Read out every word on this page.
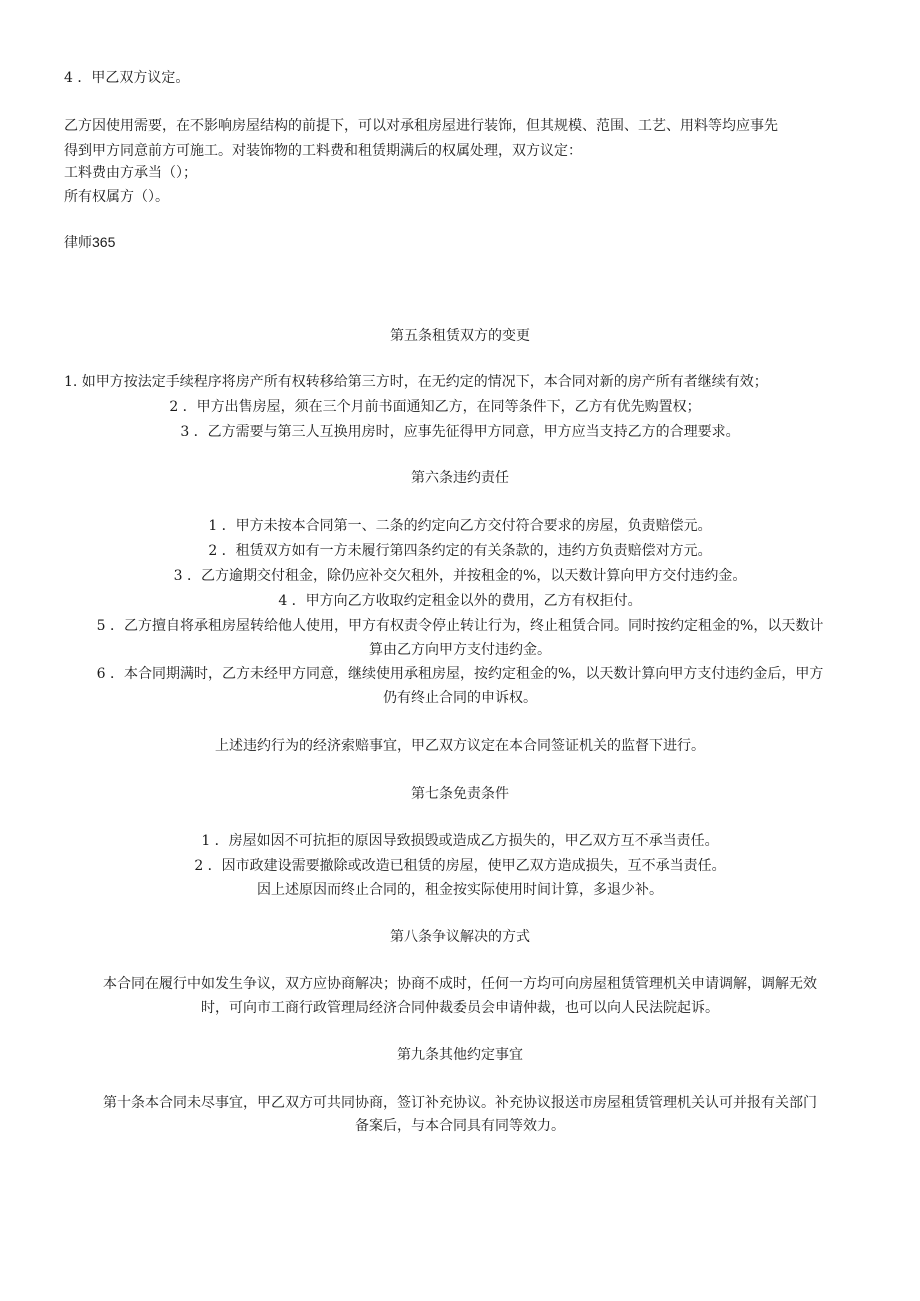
4 ．甲乙双方议定。
乙方因使用需要，在不影响房屋结构的前提下，可以对承租房屋进行装饰，但其规模、范围、工艺、用料等均应事先
得到甲方同意前方可施工。对装饰物的工料费和租赁期满后的权属处理，双方议定：
工料费由方承当（）；
所有权属方（）。
律师365
第五条租赁双方的变更
1. 如甲方按法定手续程序将房产所有权转移给第三方时，在无约定的情况下，本合同对新的房产所有者继续有效；
2 ．甲方出售房屋，须在三个月前书面通知乙方，在同等条件下，乙方有优先购置权；
3 ．乙方需要与第三人互换用房时，应事先征得甲方同意，甲方应当支持乙方的合理要求。
第六条违约责任
1 ．甲方未按本合同第一、二条的约定向乙方交付符合要求的房屋，负责赔偿元。
2 ．租赁双方如有一方未履行第四条约定的有关条款的，违约方负责赔偿对方元。
3 ．乙方逾期交付租金，除仍应补交欠租外，并按租金的%，以天数计算向甲方交付违约金。
4 ．甲方向乙方收取约定租金以外的费用，乙方有权拒付。
5 ．乙方擅自将承租房屋转给他人使用，甲方有权责令停止转让行为，终止租赁合同。同时按约定租金的%，以天数计
算由乙方向甲方支付违约金。
6 ．本合同期满时，乙方未经甲方同意，继续使用承租房屋，按约定租金的%，以天数计算向甲方支付违约金后，甲方
仍有终止合同的申诉权。
上述违约行为的经济索赔事宜，甲乙双方议定在本合同签证机关的监督下进行。
第七条免责条件
1 ．房屋如因不可抗拒的原因导致损毁或造成乙方损失的，甲乙双方互不承当责任。
2 ．因市政建设需要撤除或改造已租赁的房屋，使甲乙双方造成损失，互不承当责任。
因上述原因而终止合同的，租金按实际使用时间计算，多退少补。
第八条争议解决的方式
本合同在履行中如发生争议，双方应协商解决；协商不成时，任何一方均可向房屋租赁管理机关申请调解，调解无效
时，可向市工商行政管理局经济合同仲裁委员会申请仲裁，也可以向人民法院起诉。
第九条其他约定事宜
第十条本合同未尽事宜，甲乙双方可共同协商，签订补充协议。补充协议报送市房屋租赁管理机关认可并报有关部门
备案后，与本合同具有同等效力。
